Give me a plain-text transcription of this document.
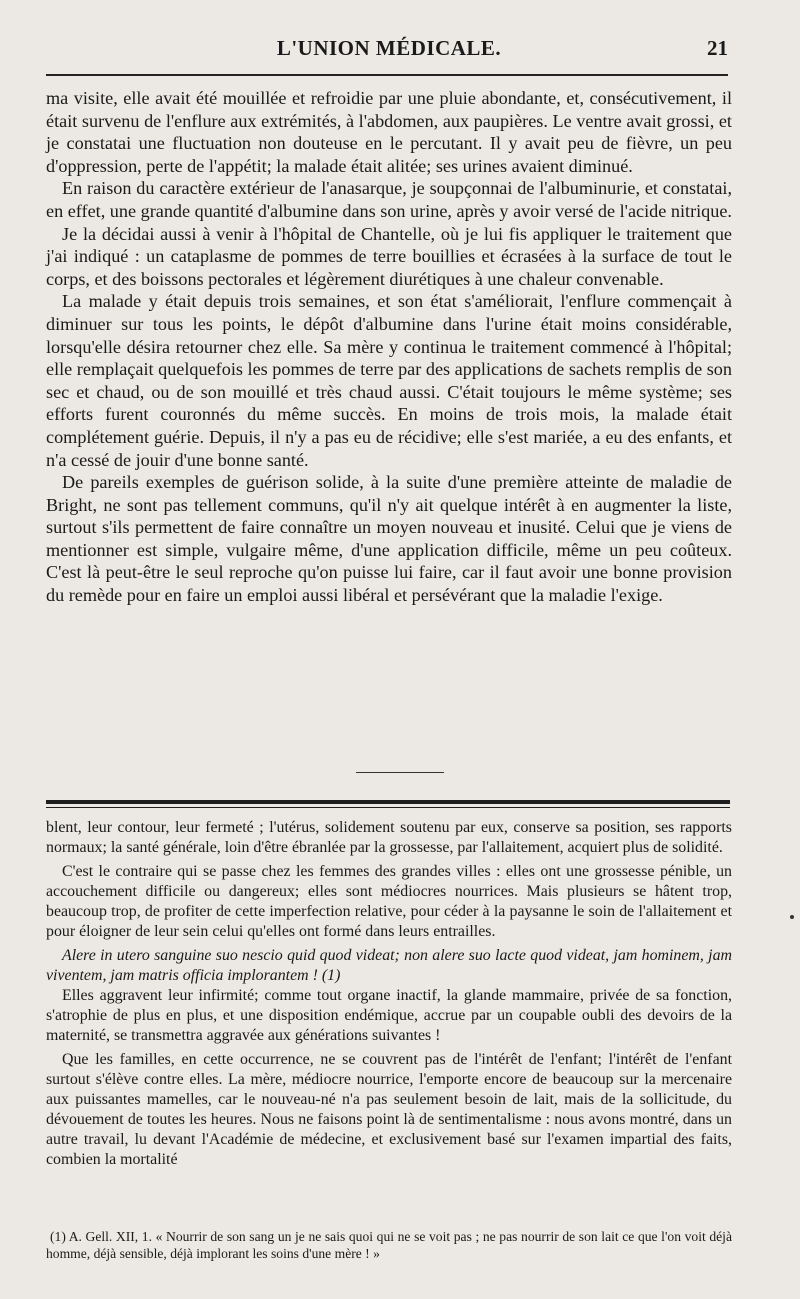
L'UNION MÉDICALE.	21

ma visite, elle avait été mouillée et refroidie par une pluie abondante, et, consécutivement, il était survenu de l'enflure aux extrémités, à l'abdomen, aux paupières. Le ventre avait grossi, et je constatai une fluctuation non douteuse en le percutant. Il y avait peu de fièvre, un peu d'oppression, perte de l'appétit; la malade était alitée; ses urines avaient diminué.

En raison du caractère extérieur de l'anasarque, je soupçonnai de l'albuminurie, et constatai, en effet, une grande quantité d'albumine dans son urine, après y avoir versé de l'acide nitrique.

Je la décidai aussi à venir à l'hôpital de Chantelle, où je lui fis appliquer le traitement que j'ai indiqué : un cataplasme de pommes de terre bouillies et écrasées à la surface de tout le corps, et des boissons pectorales et légèrement diurétiques à une chaleur convenable.

La malade y était depuis trois semaines, et son état s'améliorait, l'enflure commençait à diminuer sur tous les points, le dépôt d'albumine dans l'urine était moins considérable, lorsqu'elle désira retourner chez elle. Sa mère y continua le traitement commencé à l'hôpital; elle remplaçait quelquefois les pommes de terre par des applications de sachets remplis de son sec et chaud, ou de son mouillé et très chaud aussi. C'était toujours le même système; ses efforts furent couronnés du même succès. En moins de trois mois, la malade était complétement guérie. Depuis, il n'y a pas eu de récidive; elle s'est mariée, a eu des enfants, et n'a cessé de jouir d'une bonne santé.

De pareils exemples de guérison solide, à la suite d'une première atteinte de maladie de Bright, ne sont pas tellement communs, qu'il n'y ait quelque intérêt à en augmenter la liste, surtout s'ils permettent de faire connaître un moyen nouveau et inusité. Celui que je viens de mentionner est simple, vulgaire même, d'une application difficile, même un peu coûteux. C'est là peut-être le seul reproche qu'on puisse lui faire, car il faut avoir une bonne provision du remède pour en faire un emploi aussi libéral et persévérant que la maladie l'exige.

blent, leur contour, leur fermeté ; l'utérus, solidement soutenu par eux, conserve sa position, ses rapports normaux; la santé générale, loin d'être ébranlée par la grossesse, par l'allaitement, acquiert plus de solidité.

C'est le contraire qui se passe chez les femmes des grandes villes : elles ont une grossesse pénible, un accouchement difficile ou dangereux; elles sont médiocres nourrices. Mais plusieurs se hâtent trop, beaucoup trop, de profiter de cette imperfection relative, pour céder à la paysanne le soin de l'allaitement et pour éloigner de leur sein celui qu'elles ont formé dans leurs entrailles.

Alere in utero sanguine suo nescio quid quod videat; non alere suo lacte quod videat, jam hominem, jam viventem, jam matris officia implorantem ! (1)

Elles aggravent leur infirmité; comme tout organe inactif, la glande mammaire, privée de sa fonction, s'atrophie de plus en plus, et une disposition endémique, accrue par un coupable oubli des devoirs de la maternité, se transmettra aggravée aux générations suivantes !

Que les familles, en cette occurrence, ne se couvrent pas de l'intérêt de l'enfant; l'intérêt de l'enfant surtout s'élève contre elles. La mère, médiocre nourrice, l'emporte encore de beaucoup sur la mercenaire aux puissantes mamelles, car le nouveau-né n'a pas seulement besoin de lait, mais de la sollicitude, du dévouement de toutes les heures. Nous ne faisons point là de sentimentalisme : nous avons montré, dans un autre travail, lu devant l'Académie de médecine, et exclusivement basé sur l'examen impartial des faits, combien la mortalité

(1) A. Gell. XII, 1. « Nourrir de son sang un je ne sais quoi qui ne se voit pas ; ne pas nourrir de son lait ce que l'on voit déjà homme, déjà sensible, déjà implorant les soins d'une mère ! »
